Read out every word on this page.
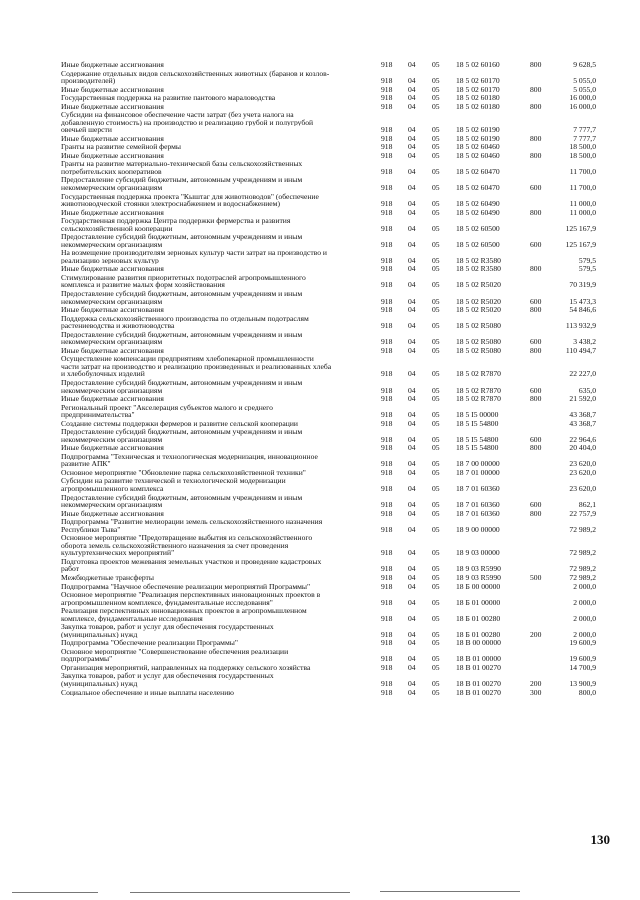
Иные бюджетные ассигнования	918 04 05 18 5 02 60160	800	9 628,5
Содержание отдельных видов сельскохозяйственных животных (баранов и козлов-
производителей)	918 04 05 18 5 02 60170	5 055,0
Иные бюджетные ассигнования	918 04 05 18 5 02 60170	800	5 055,0
Государственная поддержка на развитие пантового мараловодства	918 04 05 18 5 02 60180	16 000,0
Иные бюджетные ассигнования	918 04 05 18 5 02 60180	800	16 000,0
Субсидии на финансовое обеспечение части затрат (без учета налога на
добавленную стоимость) на производство и реализацию грубой и полугрубой
овечьей шерсти	918 04 05 18 5 02 60190	7 777,7
Иные бюджетные ассигнования	918 04 05 18 5 02 60190	800	7 777,7
Гранты на развитие семейной фермы	918 04 05 18 5 02 60460	18 500,0
Иные бюджетные ассигнования	918 04 05 18 5 02 60460	800	18 500,0
Гранты на развитие материально-технической базы сельскохозяйственных
потребительских кооперативов	918 04 05 18 5 02 60470	11 700,0
Предоставление субсидий бюджетным, автономным учреждениям и иным
некоммерческим организациям	918 04 05 18 5 02 60470	600	11 700,0
Государственная поддержка проекта "Кыштаг для животноводов" (обеспечение
животноводческой стоянки электроснабжением и водоснабжением)	918 04 05 18 5 02 60490	11 000,0
Иные бюджетные ассигнования	918 04 05 18 5 02 60490	800	11 000,0
Государственная поддержка Центра поддержки фермерства и развития
сельскохозяйственной кооперации	918 04 05 18 5 02 60500	125 167,9
Предоставление субсидий бюджетным, автономным учреждениям и иным
некоммерческим организациям	918 04 05 18 5 02 60500	600	125 167,9
На возмещение производителям зерновых культур части затрат на производство и
реализацию зерновых культур	918 04 05 18 5 02 R3580	579,5
Иные бюджетные ассигнования	918 04 05 18 5 02 R3580	800	579,5
Стимулирование развития приоритетных подотраслей агропромышленного
комплекса и развитие малых форм хозяйствования	918 04 05 18 5 02 R5020	70 319,9
Предоставление субсидий бюджетным, автономным учреждениям и иным
некоммерческим организациям	918 04 05 18 5 02 R5020	600	15 473,3
Иные бюджетные ассигнования	918 04 05 18 5 02 R5020	800	54 846,6
Поддержка сельскохозяйственного производства по отдельным подотраслям
растениеводства и животноводства	918 04 05 18 5 02 R5080	113 932,9
Предоставление субсидий бюджетным, автономным учреждениям и иным
некоммерческим организациям	918 04 05 18 5 02 R5080	600	3 438,2
Иные бюджетные ассигнования	918 04 05 18 5 02 R5080	800	110 494,7
Осуществление компенсации предприятиям хлебопекарной промышленности
части затрат на производство и реализацию произведенных и реализованных хлеба
и хлебобулочных изделий	918 04 05 18 5 02 R7870	22 227,0
Предоставление субсидий бюджетным, автономным учреждениям и иным
некоммерческим организациям	918 04 05 18 5 02 R7870	600	635,0
Иные бюджетные ассигнования	918 04 05 18 5 02 R7870	800	21 592,0
Региональный проект "Акселерация субъектов малого и среднего
предпринимательства"	918 04 05 18 5 I5 00000	43 368,7
Создание системы поддержки фермеров и развитие сельской кооперации	918 04 05 18 5 I5 54800	43 368,7
Предоставление субсидий бюджетным, автономным учреждениям и иным
некоммерческим организациям	918 04 05 18 5 I5 54800	600	22 964,6
Иные бюджетные ассигнования	918 04 05 18 5 I5 54800	800	20 404,0
Подпрограмма "Техническая и технологическая модернизация, инновационное
развитие АПК"	918 04 05 18 7 00 00000	23 620,0
Основное мероприятие "Обновление парка сельскохозяйственной техники"	918 04 05 18 7 01 00000	23 620,0
Субсидии на развитие технической и технологической модернизации
агропромышленного комплекса	918 04 05 18 7 01 60360	23 620,0
Предоставление субсидий бюджетным, автономным учреждениям и иным
некоммерческим организациям	918 04 05 18 7 01 60360	600	862,1
Иные бюджетные ассигнования	918 04 05 18 7 01 60360	800	22 757,9
Подпрограмма "Развитие мелиорации земель сельскохозяйственного назначения
Республики Тыва"	918 04 05 18 9 00 00000	72 989,2
Основное мероприятие "Предотвращение выбытия из сельскохозяйственного
оборота земель сельскохозяйственного назначения за счет проведения
культуртехнических мероприятий"	918 04 05 18 9 03 00000	72 989,2
Подготовка проектов межевания земельных участков и проведение кадастровых
работ	918 04 05 18 9 03 R5990	72 989,2
Межбюджетные трансферты	918 04 05 18 9 03 R5990	500	72 989,2
Подпрограмма "Научное обеспечение реализации мероприятий Программы"	918 04 05 18 Б 00 00000	2 000,0
Основное мероприятие "Реализация перспективных инновационных проектов в
агропромышленном комплексе, фундаментальные исследования"	918 04 05 18 Б 01 00000	2 000,0
Реализация перспективных инновационных проектов в агропромышленном
комплексе, фундаментальные исследования	918 04 05 18 Б 01 00280	2 000,0
Закупка товаров, работ и услуг для обеспечения государственных
(муниципальных) нужд	918 04 05 18 Б 01 00280	200	2 000,0
Подпрограмма "Обеспечение реализации Программы"	918 04 05 18 В 00 00000	19 600,9
Основное мероприятие "Совершенствование обеспечения реализации
подпрограммы"	918 04 05 18 В 01 00000	19 600,9
Организация мероприятий, направленных на поддержку сельского хозяйства	918 04 05 18 В 01 00270	14 700,9
Закупка товаров, работ и услуг для обеспечения государственных
(муниципальных) нужд	918 04 05 18 В 01 00270	200	13 900,9
Социальное обеспечение и иные выплаты населению	918 04 05 18 В 01 00270	300	800,0
130
